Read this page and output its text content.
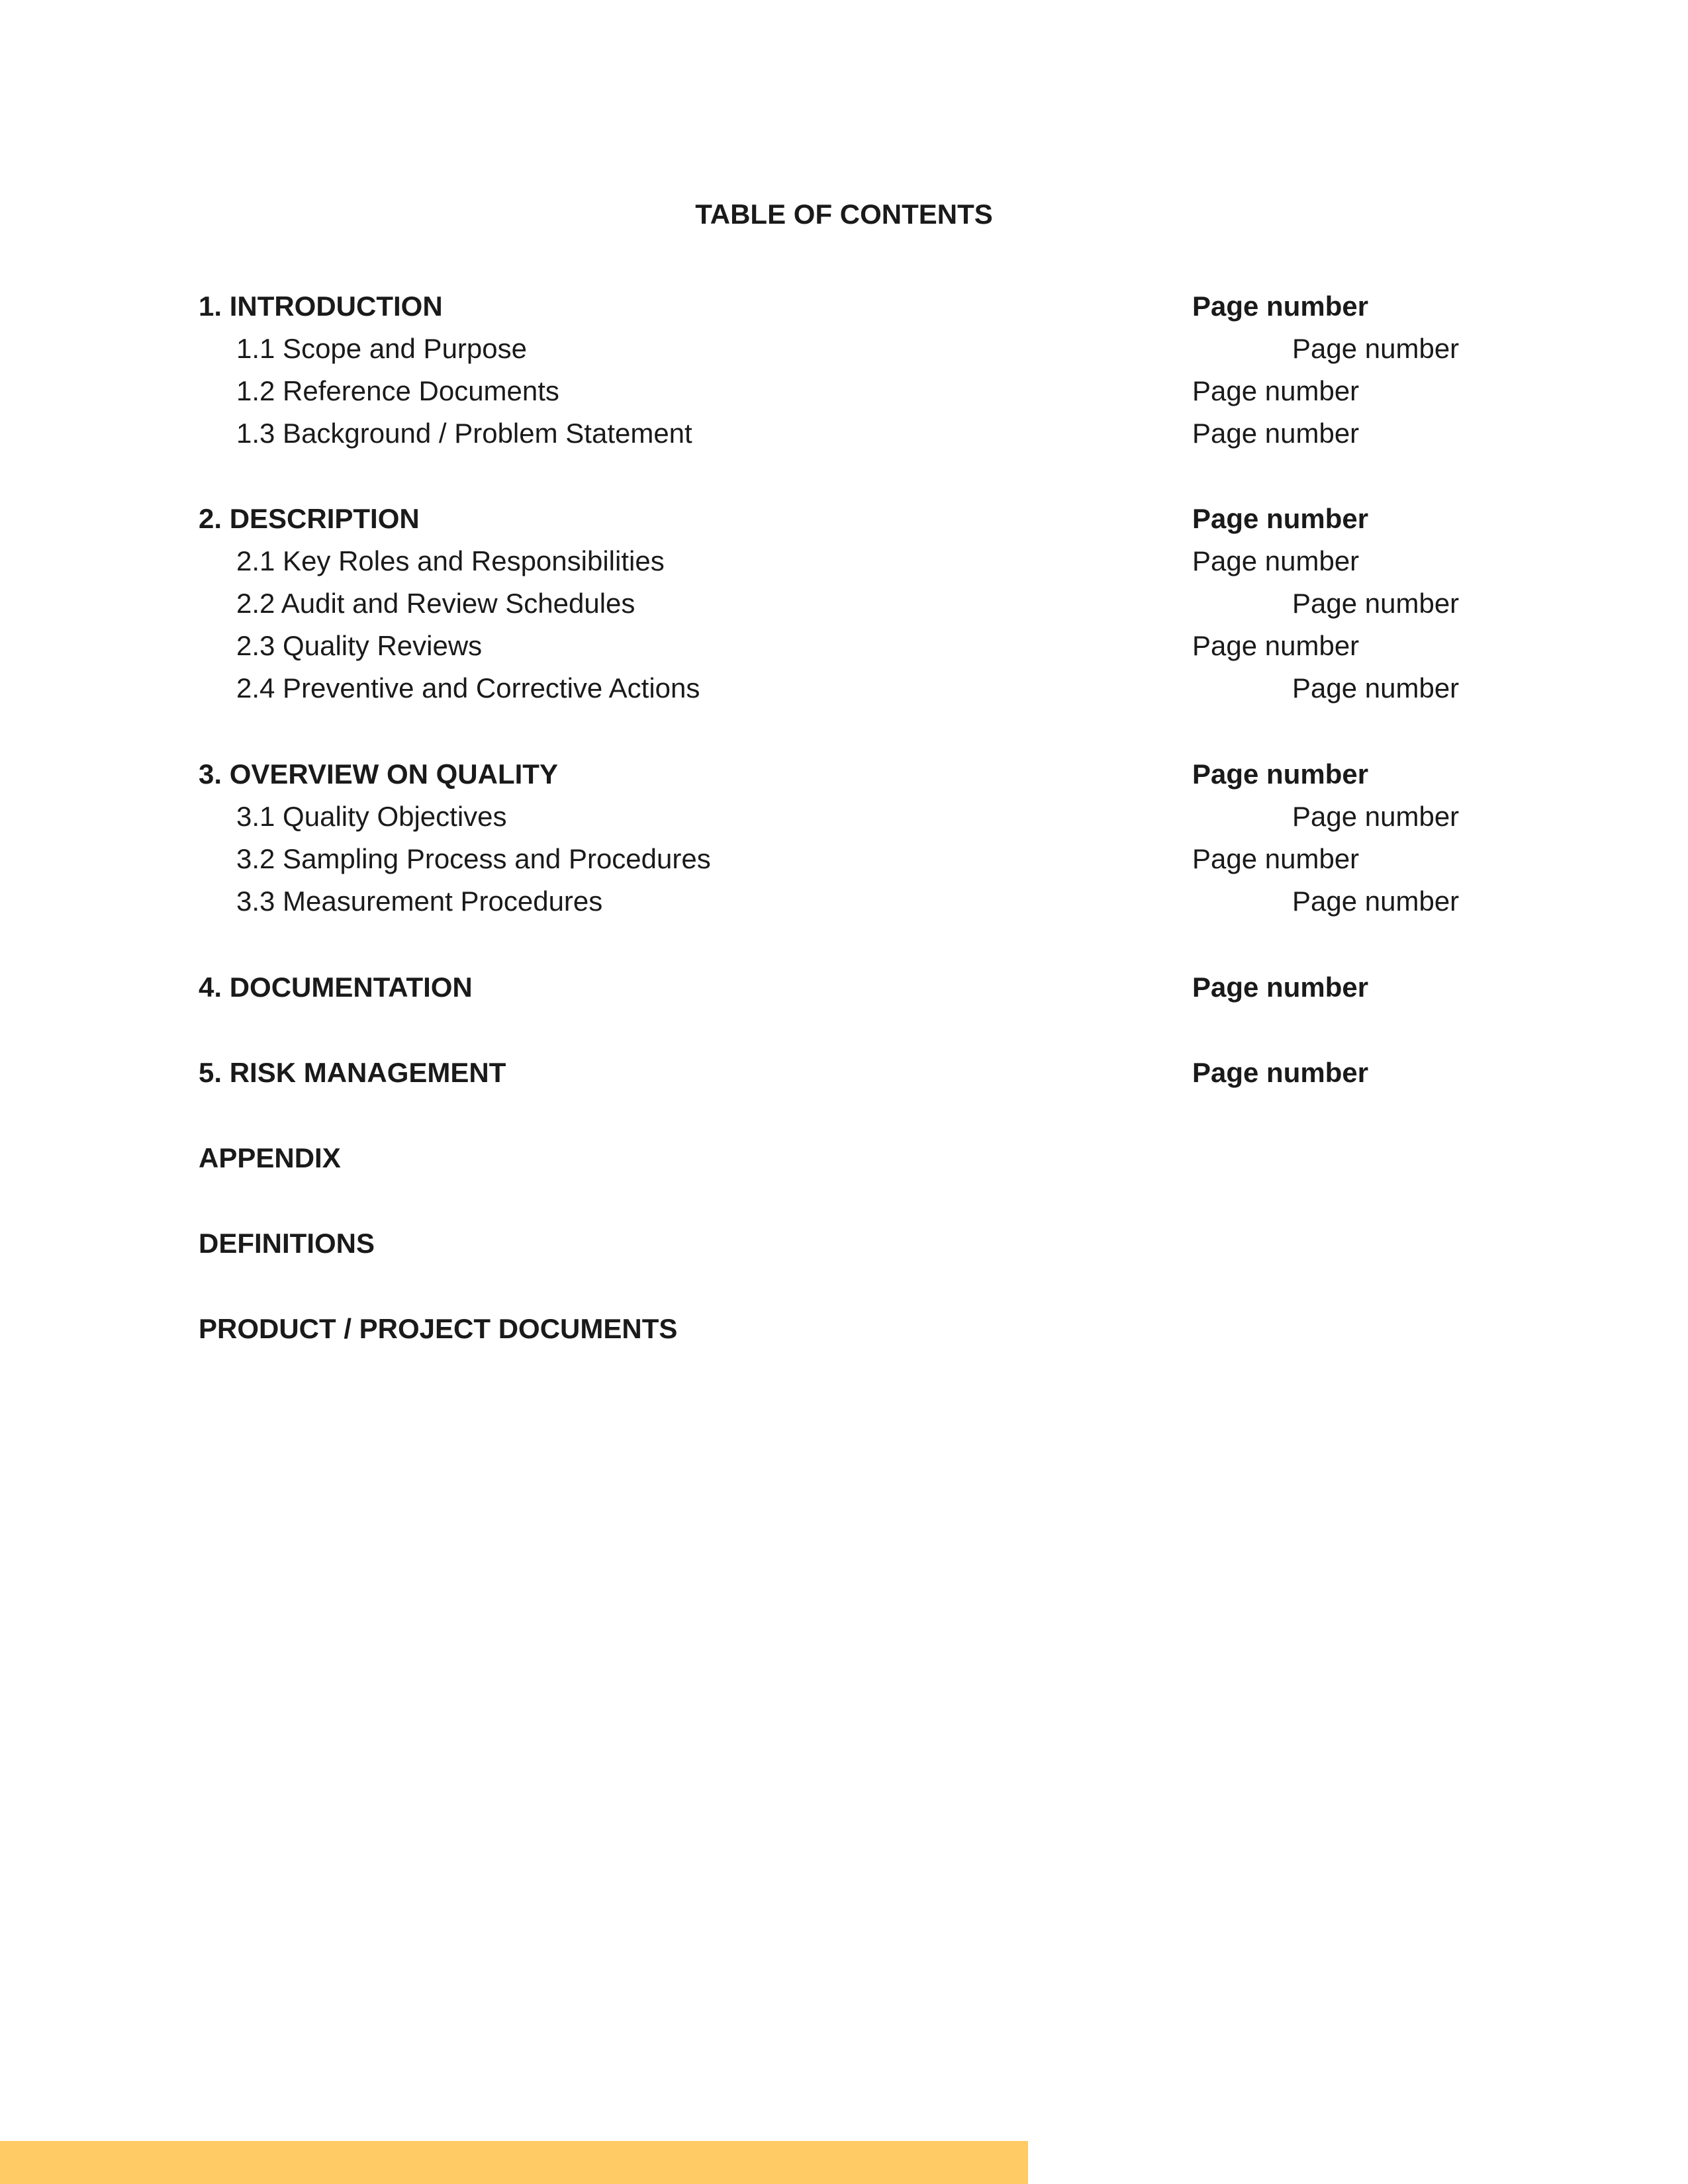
TABLE OF CONTENTS
1. INTRODUCTION	Page number
1.1 Scope and Purpose	Page number
1.2 Reference Documents	Page number
1.3 Background / Problem Statement	Page number
2. DESCRIPTION	Page number
2.1 Key Roles and Responsibilities	Page number
2.2 Audit and Review Schedules	Page number
2.3 Quality Reviews	Page number
2.4 Preventive and Corrective Actions	Page number
3. OVERVIEW ON QUALITY	Page number
3.1 Quality Objectives	Page number
3.2 Sampling Process and Procedures	Page number
3.3 Measurement Procedures	Page number
4. DOCUMENTATION	Page number
5. RISK MANAGEMENT	Page number
APPENDIX
DEFINITIONS
PRODUCT / PROJECT DOCUMENTS
